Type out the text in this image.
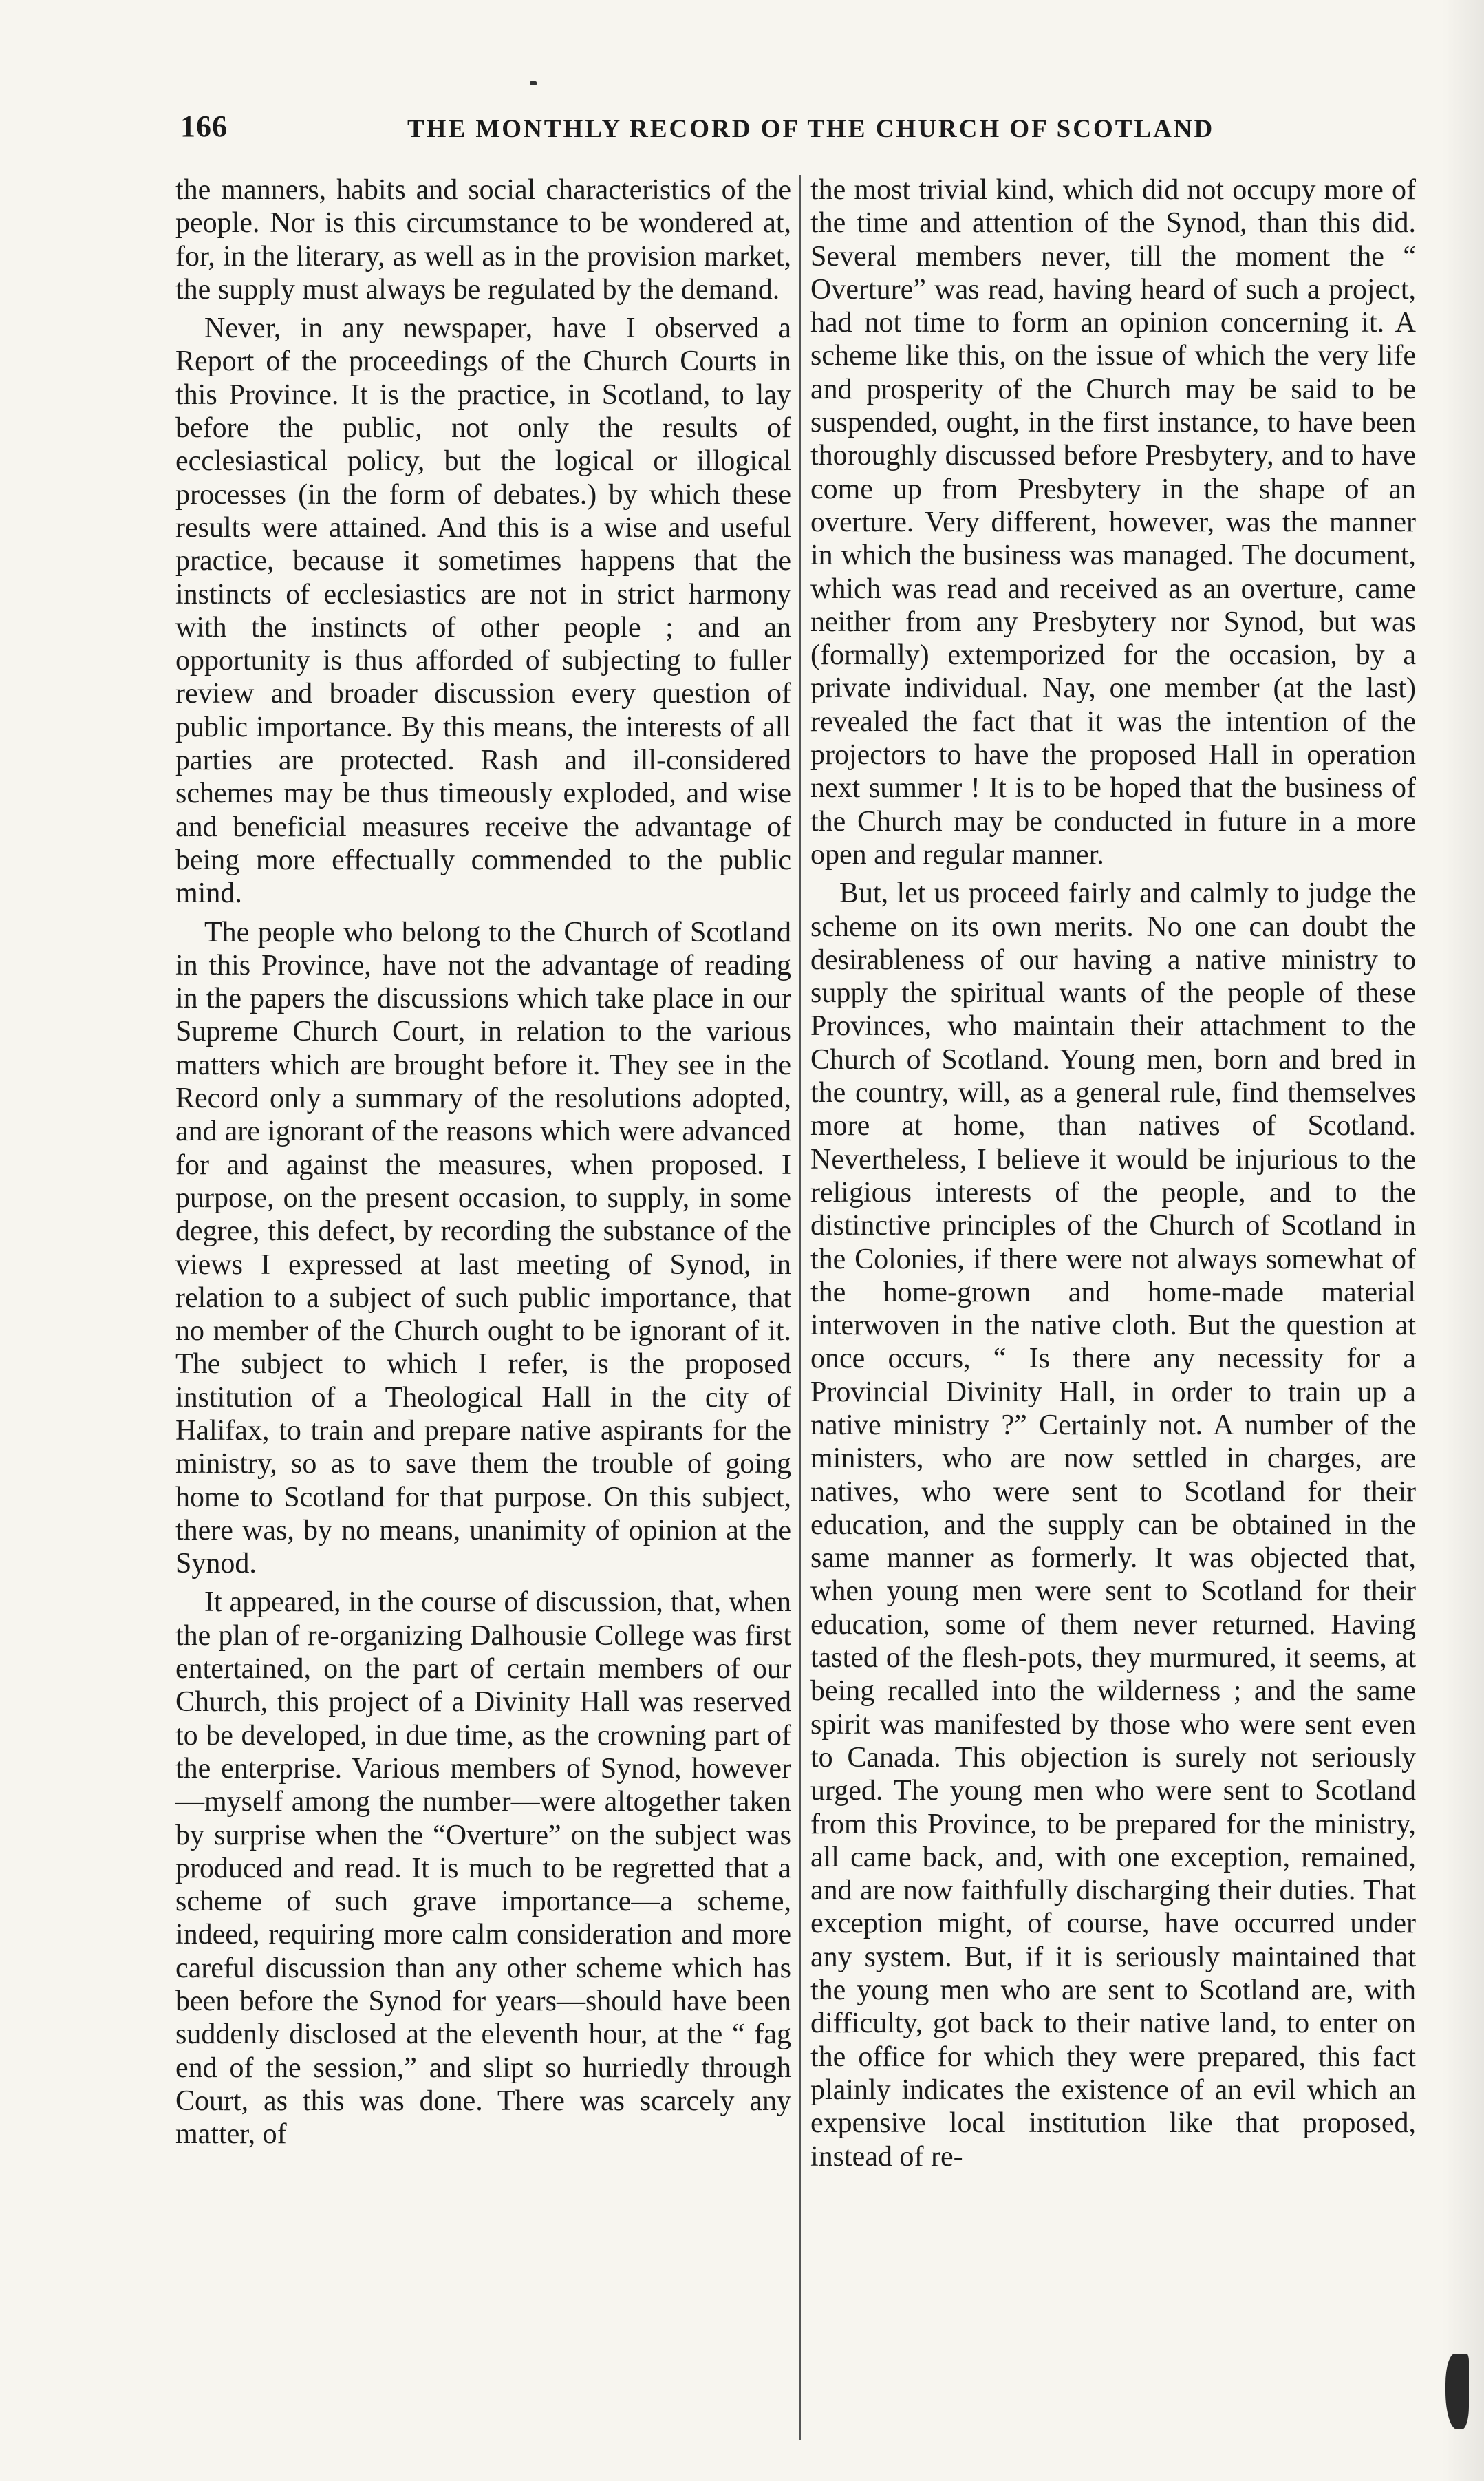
166	THE MONTHLY RECORD OF THE CHURCH OF SCOTLAND

the manners, habits and social characteristics of the people. Nor is this circumstance to be wondered at, for, in the literary, as well as in the provision market, the supply must always be regulated by the demand.

Never, in any newspaper, have I observed a Report of the proceedings of the Church Courts in this Province. It is the practice, in Scotland, to lay before the public, not only the results of ecclesiastical policy, but the logical or illogical processes (in the form of debates.) by which these results were attained. And this is a wise and useful practice, because it sometimes happens that the instincts of ecclesiastics are not in strict harmony with the instincts of other people ; and an opportunity is thus afforded of subjecting to fuller review and broader discussion every question of public importance. By this means, the interests of all parties are protected. Rash and ill-considered schemes may be thus timeously exploded, and wise and beneficial measures receive the advantage of being more effectually commended to the public mind.

The people who belong to the Church of Scotland in this Province, have not the advantage of reading in the papers the discussions which take place in our Supreme Church Court, in relation to the various matters which are brought before it. They see in the Record only a summary of the resolutions adopted, and are ignorant of the reasons which were advanced for and against the measures, when proposed. I purpose, on the present occasion, to supply, in some degree, this defect, by recording the substance of the views I expressed at last meeting of Synod, in relation to a subject of such public importance, that no member of the Church ought to be ignorant of it. The subject to which I refer, is the proposed institution of a Theological Hall in the city of Halifax, to train and prepare native aspirants for the ministry, so as to save them the trouble of going home to Scotland for that purpose. On this subject, there was, by no means, unanimity of opinion at the Synod.

It appeared, in the course of discussion, that, when the plan of re-organizing Dalhousie College was first entertained, on the part of certain members of our Church, this project of a Divinity Hall was reserved to be developed, in due time, as the crowning part of the enterprise. Various members of Synod, however—myself among the number—were altogether taken by surprise when the “Overture” on the subject was produced and read. It is much to be regretted that a scheme of such grave importance—a scheme, indeed, requiring more calm consideration and more careful discussion than any other scheme which has been before the Synod for years—should have been suddenly disclosed at the eleventh hour, at the “ fag end of the session,” and slipt so hurriedly through Court, as this was done. There was scarcely any matter, of

the most trivial kind, which did not occupy more of the time and attention of the Synod, than this did. Several members never, till the moment the “ Overture” was read, having heard of such a project, had not time to form an opinion concerning it. A scheme like this, on the issue of which the very life and prosperity of the Church may be said to be suspended, ought, in the first instance, to have been thoroughly discussed before Presbytery, and to have come up from Presbytery in the shape of an overture. Very different, however, was the manner in which the business was managed. The document, which was read and received as an overture, came neither from any Presbytery nor Synod, but was (formally) extemporized for the occasion, by a private individual. Nay, one member (at the last) revealed the fact that it was the intention of the projectors to have the proposed Hall in operation next summer ! It is to be hoped that the business of the Church may be conducted in future in a more open and regular manner.

But, let us proceed fairly and calmly to judge the scheme on its own merits. No one can doubt the desirableness of our having a native ministry to supply the spiritual wants of the people of these Provinces, who maintain their attachment to the Church of Scotland. Young men, born and bred in the country, will, as a general rule, find themselves more at home, than natives of Scotland. Nevertheless, I believe it would be injurious to the religious interests of the people, and to the distinctive principles of the Church of Scotland in the Colonies, if there were not always somewhat of the home-grown and home-made material interwoven in the native cloth. But the question at once occurs, “ Is there any necessity for a Provincial Divinity Hall, in order to train up a native ministry ?” Certainly not. A number of the ministers, who are now settled in charges, are natives, who were sent to Scotland for their education, and the supply can be obtained in the same manner as formerly. It was objected that, when young men were sent to Scotland for their education, some of them never returned. Having tasted of the flesh-pots, they murmured, it seems, at being recalled into the wilderness ; and the same spirit was manifested by those who were sent even to Canada. This objection is surely not seriously urged. The young men who were sent to Scotland from this Province, to be prepared for the ministry, all came back, and, with one exception, remained, and are now faithfully discharging their duties. That exception might, of course, have occurred under any system. But, if it is seriously maintained that the young men who are sent to Scotland are, with difficulty, got back to their native land, to enter on the office for which they were prepared, this fact plainly indicates the existence of an evil which an expensive local institution like that proposed, instead of re-
